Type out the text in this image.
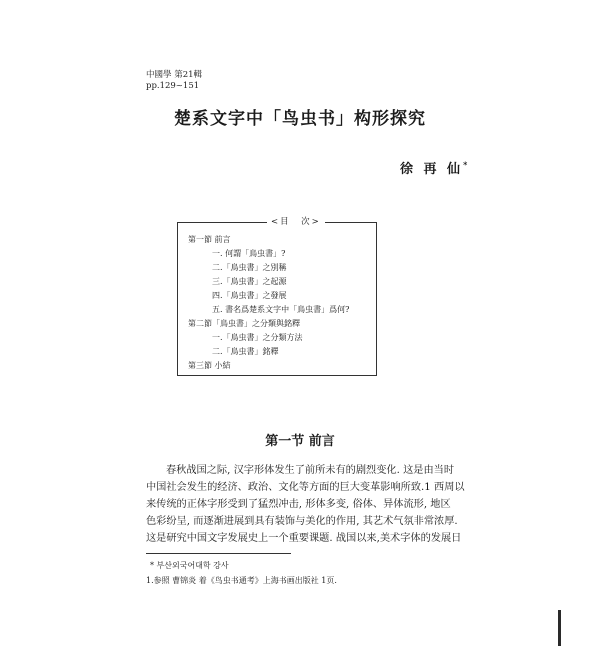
中國學 第21輯
pp.129~151
楚系文字中「鸟虫书」构形探究
徐 再 仙*
<目　次>
第一節 前言
一. 何謂「鳥虫書」?
二.「鳥虫書」之別稱
三.「鳥虫書」之起源
四.「鳥虫書」之發展
五. 書名爲楚系文字中「鳥虫書」爲何?
第二節「鳥虫書」之分類與銘釋
一.「鳥虫書」之分類方法
二.「鳥虫書」銘釋
第三節 小結
第一节 前言

春秋战国之际, 汉字形体发生了前所未有的剧烈变化. 这是由当时

中国社会发生的经济、政治、文化等方面的巨大变革影响所致.1 西周以

来传统的正体字形受到了猛烈冲击, 形体多变, 俗体、异体流形, 地区

色彩纷呈, 而逐渐进展到具有装饰与美化的作用, 其艺术气氛非常浓厚.

这是研究中国文字发展史上一个重要课题. 战国以来,美术字体的发展日

* 부산외국어대학 강사
1.参照 曹锦炎 着《鸟虫书通考》上海书画出版社 1页.
